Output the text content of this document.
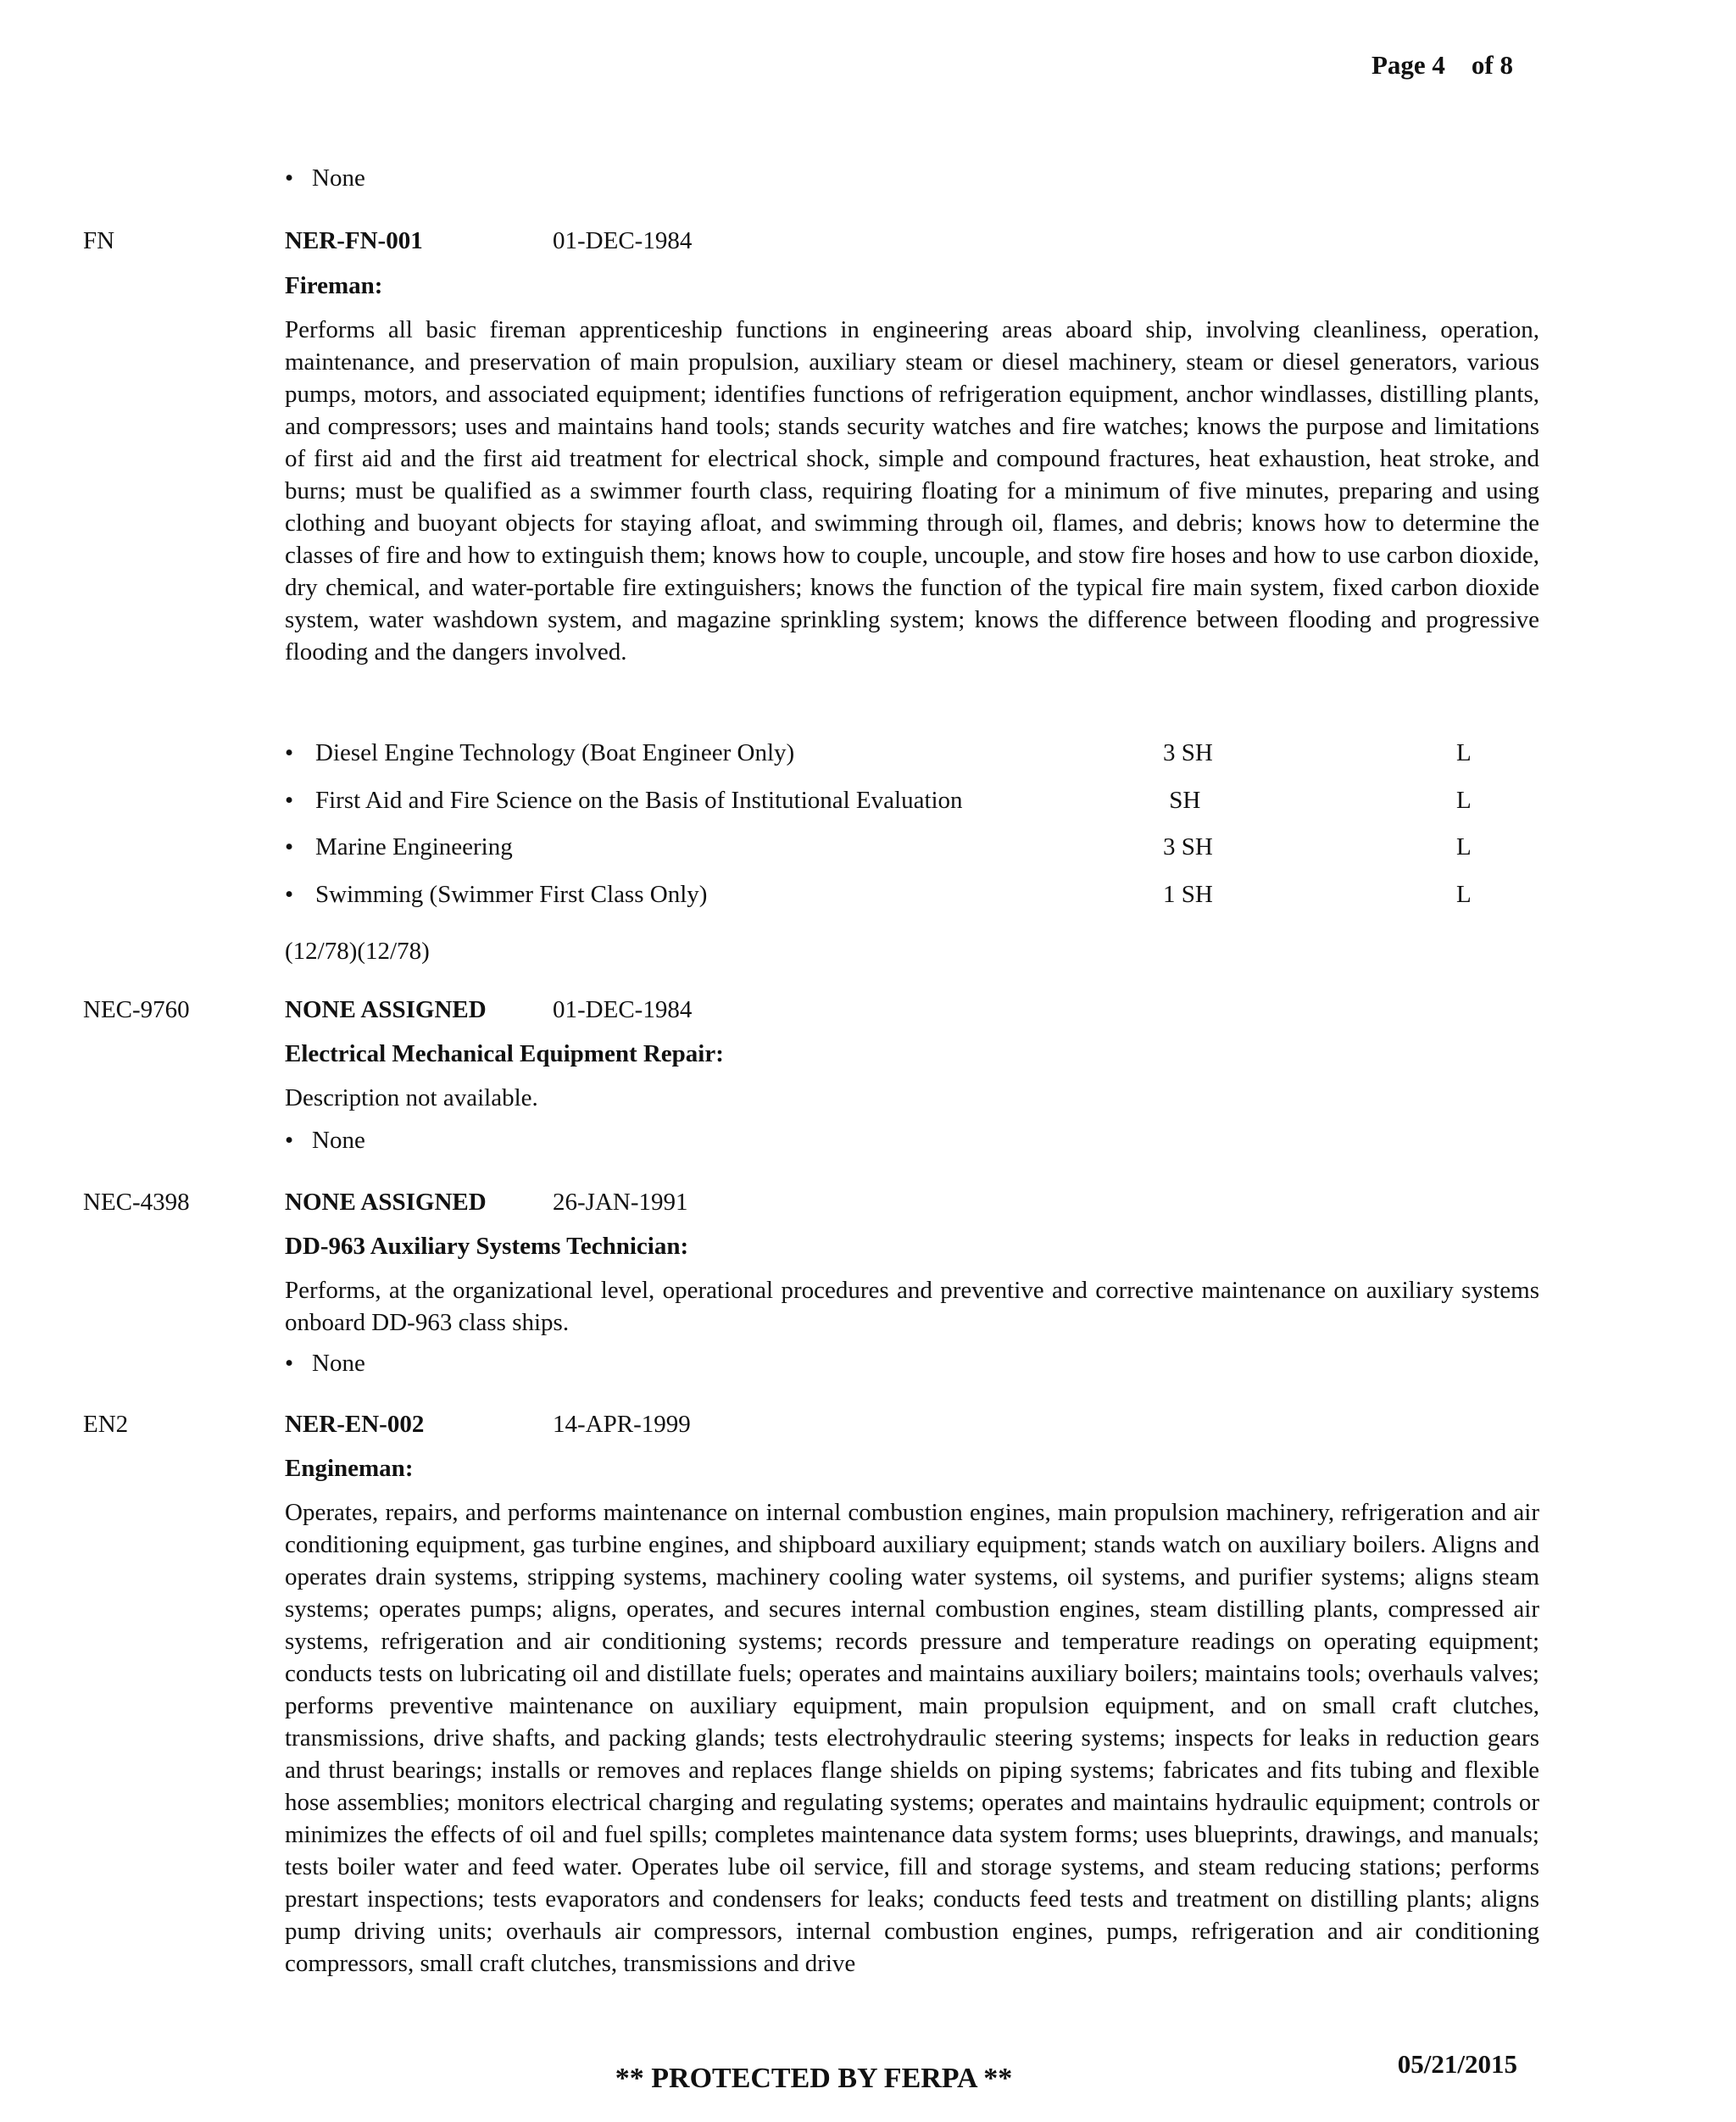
Page 4 of 8
• None
FN	NER-FN-001	01-DEC-1984
Fireman:
Performs all basic fireman apprenticeship functions in engineering areas aboard ship, involving cleanliness, operation, maintenance, and preservation of main propulsion, auxiliary steam or diesel machinery, steam or diesel generators, various pumps, motors, and associated equipment; identifies functions of refrigeration equipment, anchor windlasses, distilling plants, and compressors; uses and maintains hand tools; stands security watches and fire watches; knows the purpose and limitations of first aid and the first aid treatment for electrical shock, simple and compound fractures, heat exhaustion, heat stroke, and burns; must be qualified as a swimmer fourth class, requiring floating for a minimum of five minutes, preparing and using clothing and buoyant objects for staying afloat, and swimming through oil, flames, and debris; knows how to determine the classes of fire and how to extinguish them; knows how to couple, uncouple, and stow fire hoses and how to use carbon dioxide, dry chemical, and water-portable fire extinguishers; knows the function of the typical fire main system, fixed carbon dioxide system, water washdown system, and magazine sprinkling system; knows the difference between flooding and progressive flooding and the dangers involved.
• Diesel Engine Technology (Boat Engineer Only)	3 SH	L
• First Aid and Fire Science on the Basis of Institutional Evaluation	SH	L
• Marine Engineering	3 SH	L
• Swimming (Swimmer First Class Only)	1 SH	L
(12/78)(12/78)
NEC-9760	NONE ASSIGNED	01-DEC-1984
Electrical Mechanical Equipment Repair:
Description not available.
• None
NEC-4398	NONE ASSIGNED	26-JAN-1991
DD-963 Auxiliary Systems Technician:
Performs, at the organizational level, operational procedures and preventive and corrective maintenance on auxiliary systems onboard DD-963 class ships.
• None
EN2	NER-EN-002	14-APR-1999
Engineman:
Operates, repairs, and performs maintenance on internal combustion engines, main propulsion machinery, refrigeration and air conditioning equipment, gas turbine engines, and shipboard auxiliary equipment; stands watch on auxiliary boilers. Aligns and operates drain systems, stripping systems, machinery cooling water systems, oil systems, and purifier systems; aligns steam systems; operates pumps; aligns, operates, and secures internal combustion engines, steam distilling plants, compressed air systems, refrigeration and air conditioning systems; records pressure and temperature readings on operating equipment; conducts tests on lubricating oil and distillate fuels; operates and maintains auxiliary boilers; maintains tools; overhauls valves; performs preventive maintenance on auxiliary equipment, main propulsion equipment, and on small craft clutches, transmissions, drive shafts, and packing glands; tests electrohydraulic steering systems; inspects for leaks in reduction gears and thrust bearings; installs or removes and replaces flange shields on piping systems; fabricates and fits tubing and flexible hose assemblies; monitors electrical charging and regulating systems; operates and maintains hydraulic equipment; controls or minimizes the effects of oil and fuel spills; completes maintenance data system forms; uses blueprints, drawings, and manuals; tests boiler water and feed water. Operates lube oil service, fill and storage systems, and steam reducing stations; performs prestart inspections; tests evaporators and condensers for leaks; conducts feed tests and treatment on distilling plants; aligns pump driving units; overhauls air compressors, internal combustion engines, pumps, refrigeration and air conditioning compressors, small craft clutches, transmissions and drive
05/21/2015
** PROTECTED BY FERPA **
